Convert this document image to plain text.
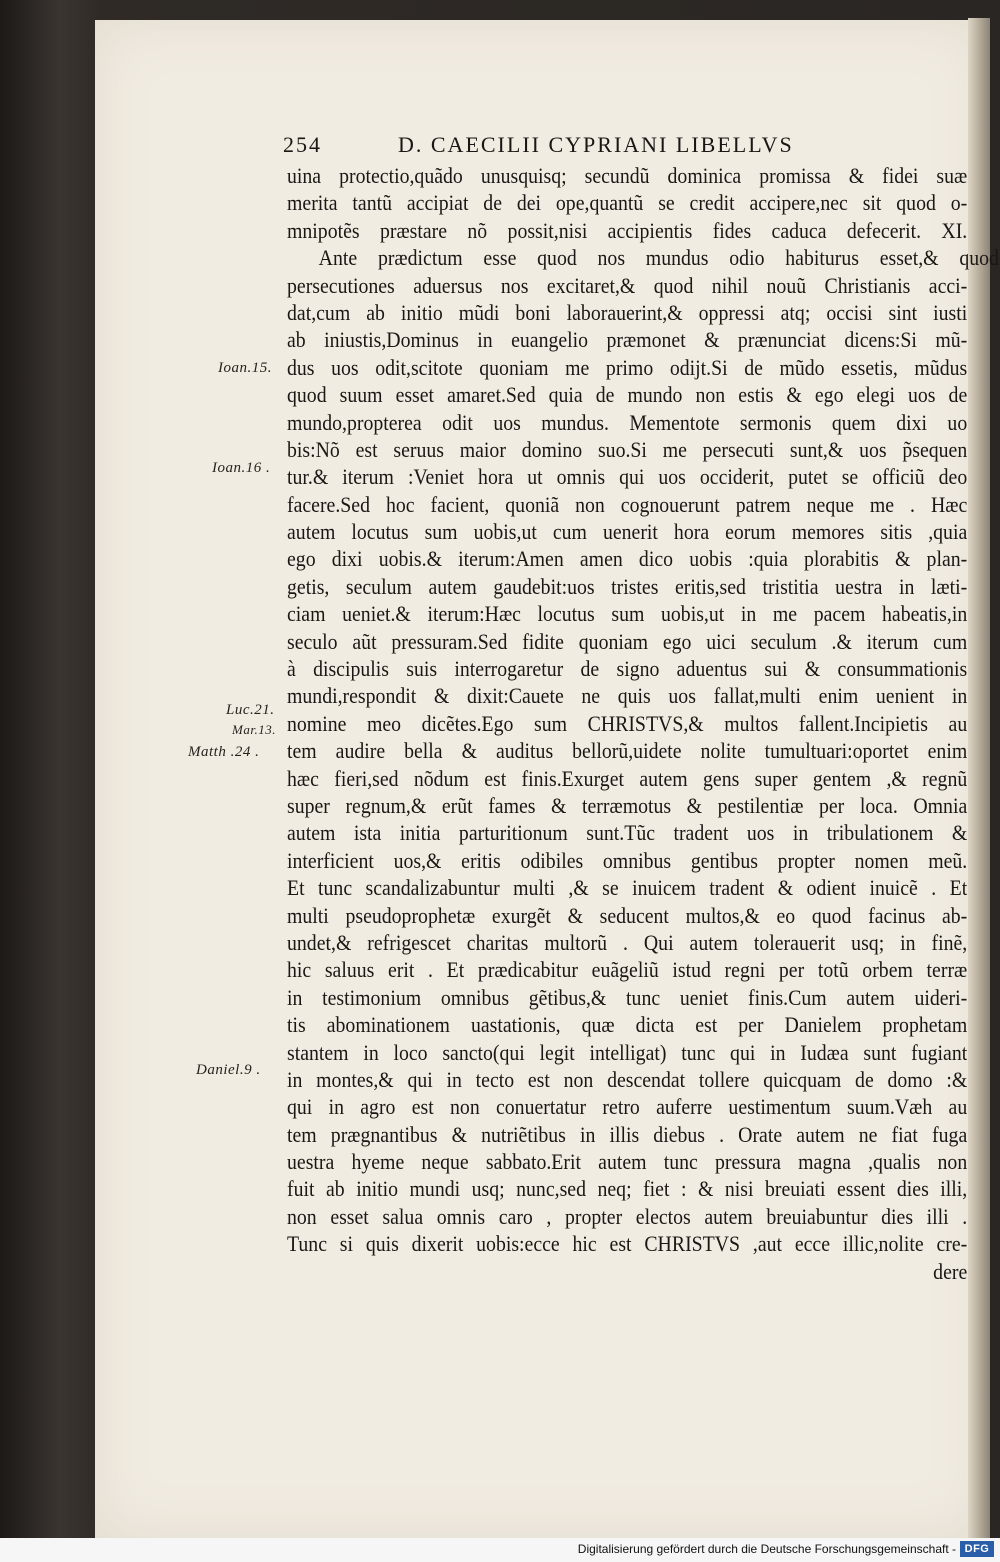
254	D. CAECILII CYPRIANI LIBELLVS
uina protectio,quãdo unusquisq; secundũ dominica promissa & fidei suæ
merita tantũ accipiat de dei ope,quantũ se credit accipere,nec sit quod o-
mnipotẽs præstare nõ possit,nisi accipientis fides caduca defecerit. XI.
Ante prædictum esse quod nos mundus odio habiturus esset,& quod
persecutiones aduersus nos excitaret,& quod nihil nouũ Christianis acci-
dat,cum ab initio mũdi boni laborauerint,& oppressi atq; occisi sint iusti
ab iniustis,Dominus in euangelio præmonet & prænunciat dicens:Si mũ-
dus uos odit,scitote quoniam me primo odijt.Si de mũdo essetis, mũdus
quod suum esset amaret.Sed quia de mundo non estis & ego elegi uos de
mundo,propterea odit uos mundus. Mementote sermonis quem dixi uo
bis:Nõ est seruus maior domino suo.Si me persecuti sunt,& uos p̃sequen
tur.& iterum :Veniet hora ut omnis qui uos occiderit, putet se officiũ deo
facere.Sed hoc facient, quoniã non cognouerunt patrem neque me . Hæc
autem locutus sum uobis,ut cum uenerit hora eorum memores sitis ,quia
ego dixi uobis.& iterum:Amen amen dico uobis :quia plorabitis & plan-
getis, seculum autem gaudebit:uos tristes eritis,sed tristitia uestra in læti-
ciam ueniet.& iterum:Hæc locutus sum uobis,ut in me pacem habeatis,in
seculo aũt pressuram.Sed fidite quoniam ego uici seculum .& iterum cum
à discipulis suis interrogaretur de signo aduentus sui & consummationis
mundi,respondit & dixit:Cauete ne quis uos fallat,multi enim uenient in
nomine meo dicẽtes.Ego sum CHRISTVS,& multos fallent.Incipietis au
tem audire bella & auditus bellorũ,uidete nolite tumultuari:oportet enim
hæc fieri,sed nõdum est finis.Exurget autem gens super gentem ,& regnũ
super regnum,& erũt fames & terræmotus & pestilentiæ per loca. Omnia
autem ista initia parturitionum sunt.Tũc tradent uos in tribulationem &
interficient uos,& eritis odibiles omnibus gentibus propter nomen meũ.
Et tunc scandalizabuntur multi ,& se inuicem tradent & odient inuicẽ . Et
multi pseudoprophetæ exurgẽt & seducent multos,& eo quod facinus ab-
undet,& refrigescet charitas multorũ . Qui autem tolerauerit usq; in finẽ,
hic saluus erit . Et prædicabitur euãgeliũ istud regni per totũ orbem terræ
in testimonium omnibus gẽtibus,& tunc ueniet finis.Cum autem uideri-
tis abominationem uastationis, quæ dicta est per Danielem prophetam
stantem in loco sancto(qui legit intelligat) tunc qui in Iudæa sunt fugiant
in montes,& qui in tecto est non descendat tollere quicquam de domo :&
qui in agro est non conuertatur retro auferre uestimentum suum.Væh au
tem prægnantibus & nutriẽtibus in illis diebus . Orate autem ne fiat fuga
uestra hyeme neque sabbato.Erit autem tunc pressura magna ,qualis non
fuit ab initio mundi usq; nunc,sed neq; fiet : & nisi breuiati essent dies illi,
non esset salua omnis caro , propter electos autem breuiabuntur dies illi .
Tunc si quis dixerit uobis:ecce hic est CHRISTVS ,aut ecce illic,nolite cre-
dere
Ioan.15.
Ioan.16 .
Luc.21.
Mar.13.
Matth .24 .
Daniel.9 .
Digitalisierung gefördert durch die Deutsche Forschungsgemeinschaft - DFG
